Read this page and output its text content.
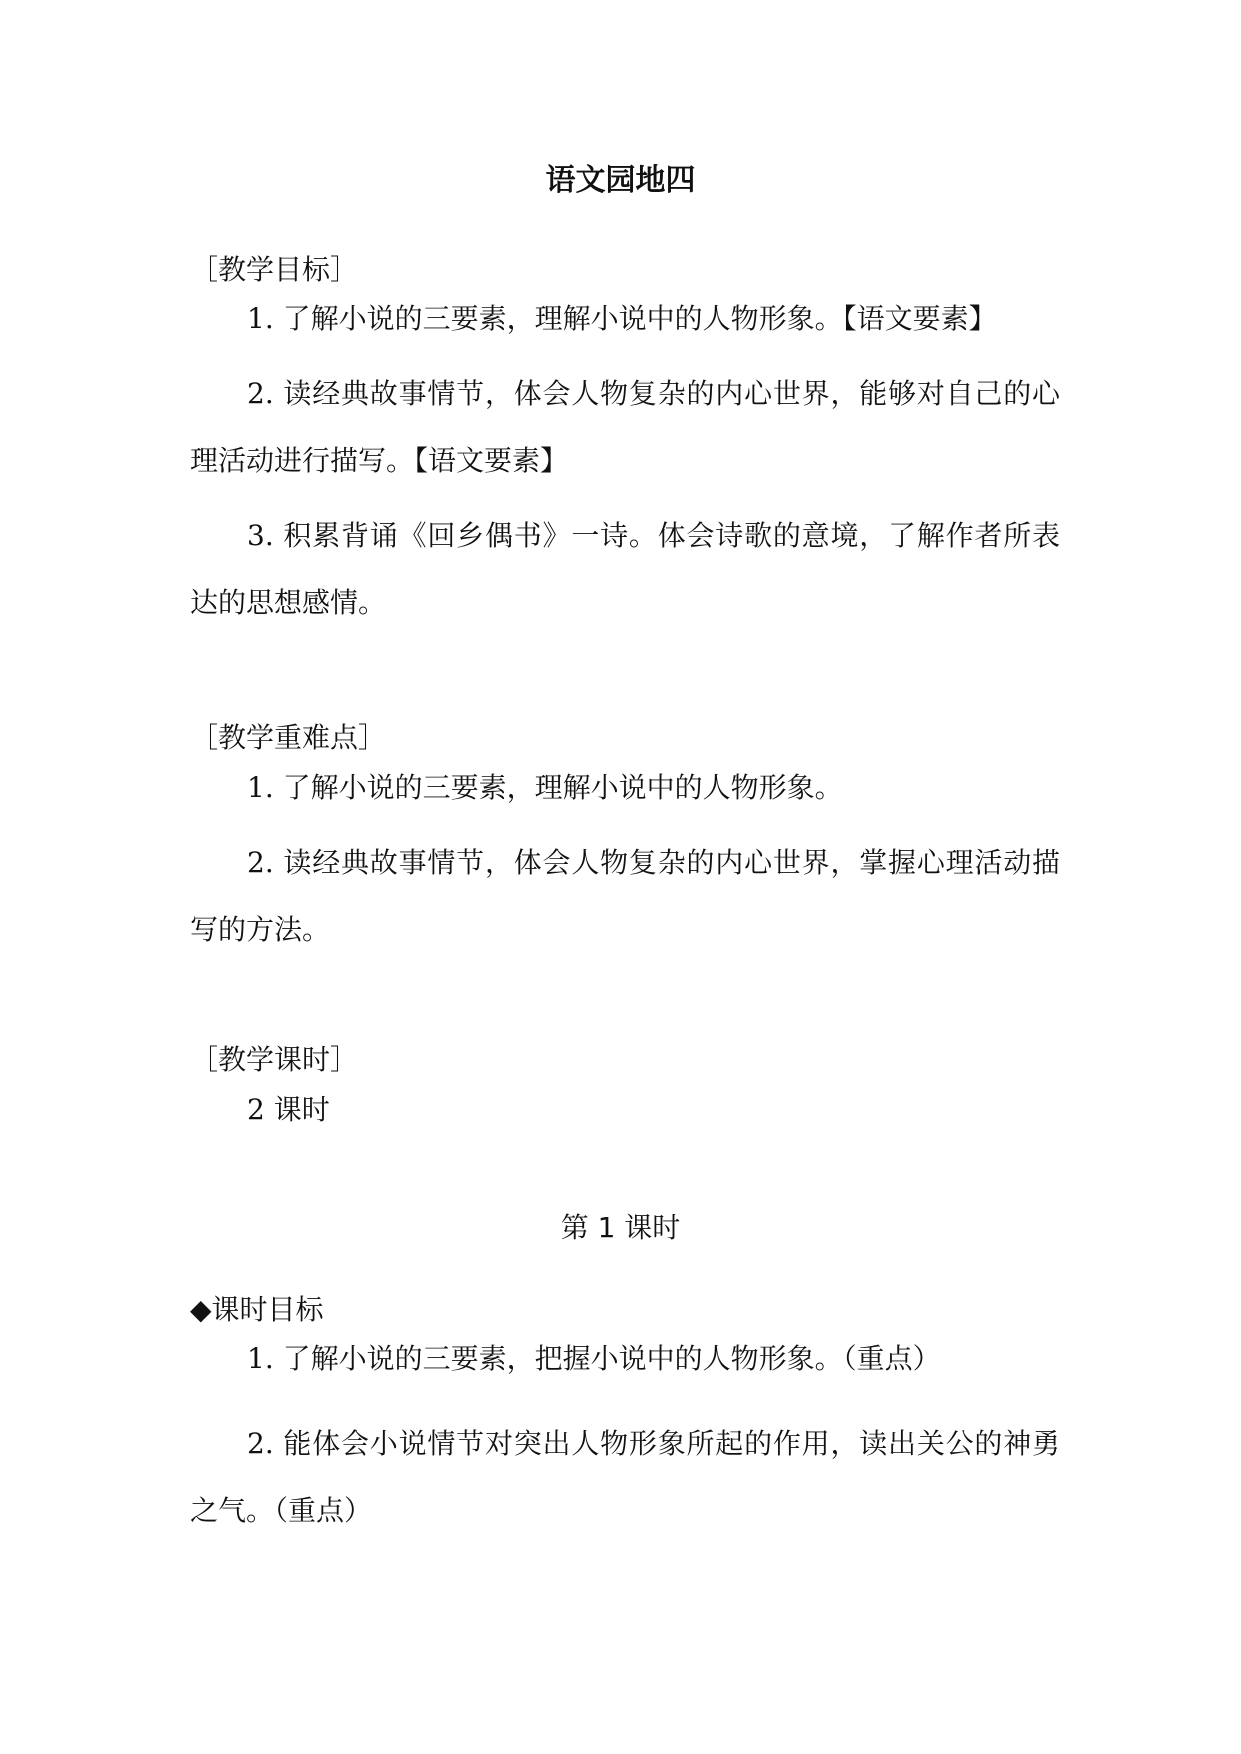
语文园地四
［教学目标］

1. 了解小说的三要素，理解小说中的人物形象。【语文要素】

2. 读经典故事情节，体会人物复杂的内心世界，能够对自己的心理活动进行描写。【语文要素】

3. 积累背诵《回乡偶书》一诗。体会诗歌的意境，了解作者所表达的思想感情。

［教学重难点］

1. 了解小说的三要素，理解小说中的人物形象。

2. 读经典故事情节，体会人物复杂的内心世界，掌握心理活动描写的方法。

［教学课时］

2 课时

第 1 课时
◆课时目标

1. 了解小说的三要素，把握小说中的人物形象。（重点）

2. 能体会小说情节对突出人物形象所起的作用，读出关公的神勇之气。（重点）
